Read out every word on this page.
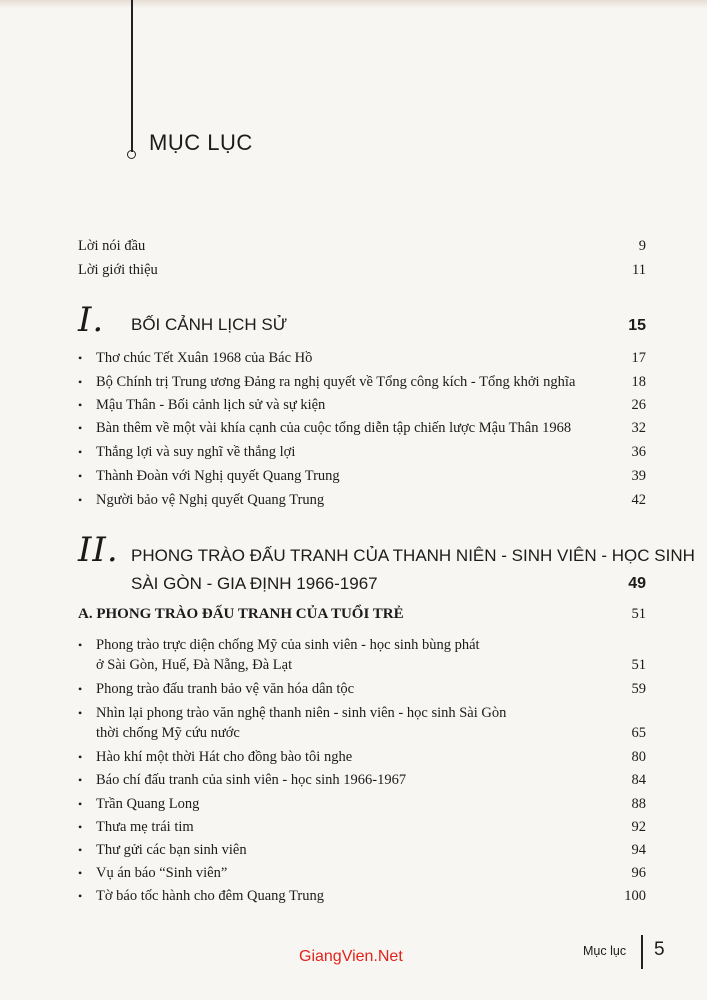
MỤC LỤC
Lời nói đầu	9
Lời giới thiệu	11
I. BỐI CẢNH LỊCH SỬ	15
• Thơ chúc Tết Xuân 1968 của Bác Hồ	17
• Bộ Chính trị Trung ương Đảng ra nghị quyết về Tổng công kích - Tổng khởi nghĩa	18
• Mậu Thân - Bối cảnh lịch sử và sự kiện	26
• Bàn thêm về một vài khía cạnh của cuộc tổng diễn tập chiến lược Mậu Thân 1968	32
• Thắng lợi và suy nghĩ về thắng lợi	36
• Thành Đoàn với Nghị quyết Quang Trung	39
• Người bảo vệ Nghị quyết Quang Trung	42
II. PHONG TRÀO ĐẤU TRANH CỦA THANH NIÊN - SINH VIÊN - HỌC SINH
SÀI GÒN - GIA ĐỊNH 1966-1967	49
A. PHONG TRÀO ĐẤU TRANH CỦA TUỔI TRẺ	51
• Phong trào trực diện chống Mỹ của sinh viên - học sinh bùng phát
ở Sài Gòn, Huế, Đà Nẵng, Đà Lạt	51
• Phong trào đấu tranh bảo vệ văn hóa dân tộc	59
• Nhìn lại phong trào văn nghệ thanh niên - sinh viên - học sinh Sài Gòn
thời chống Mỹ cứu nước	65
• Hào khí một thời Hát cho đồng bào tôi nghe	80
• Báo chí đấu tranh của sinh viên - học sinh 1966-1967	84
• Trần Quang Long	88
• Thưa mẹ trái tim	92
• Thư gửi các bạn sinh viên	94
• Vụ án báo “Sinh viên”	96
• Tờ báo tốc hành cho đêm Quang Trung	100
GiangVien.Net	Mục lục 5
